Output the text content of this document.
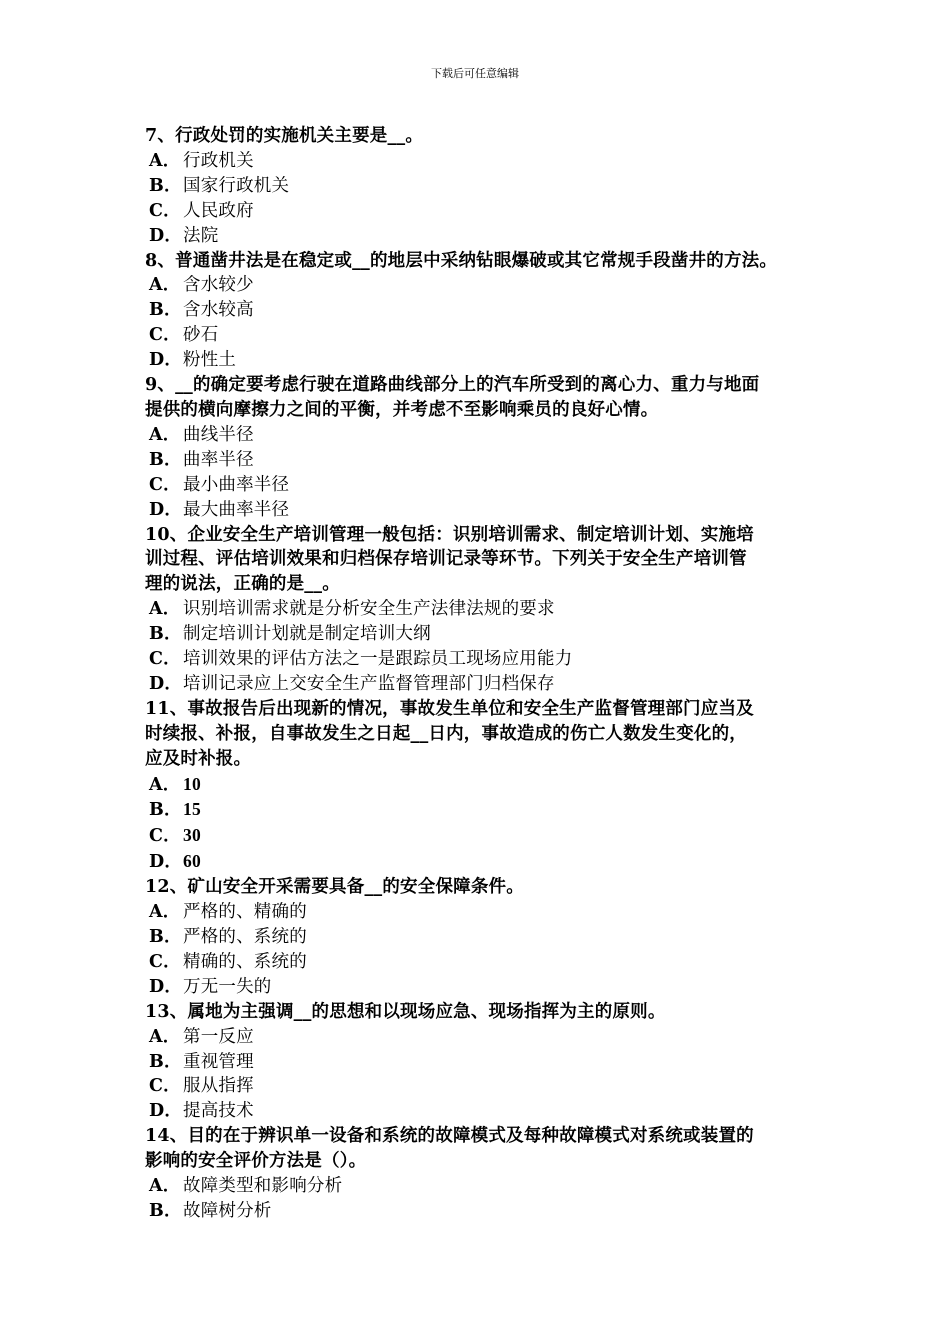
下载后可任意编辑
7、行政处罚的实施机关主要是__。
A． 行政机关
B．国家行政机关
C． 人民政府
D．法院
8、普通凿井法是在稳定或__的地层中采纳钻眼爆破或其它常规手段凿井的方法。
A． 含水较少
B．含水较高
C． 砂石
D．粉性土
9、__的确定要考虑行驶在道路曲线部分上的汽车所受到的离心力、重力与地面
提供的横向摩擦力之间的平衡，并考虑不至影响乘员的良好心情。
A． 曲线半径
B．曲率半径
C． 最小曲率半径
D．最大曲率半径
10、企业安全生产培训管理一般包括：识别培训需求、制定培训计划、实施培
训过程、评估培训效果和归档保存培训记录等环节。下列关于安全生产培训管
理的说法，正确的是__。
A． 识别培训需求就是分析安全生产法律法规的要求
B．制定培训计划就是制定培训大纲
C． 培训效果的评估方法之一是跟踪员工现场应用能力
D．培训记录应上交安全生产监督管理部门归档保存
11、事故报告后出现新的情况，事故发生单位和安全生产监督管理部门应当及
时续报、补报，自事故发生之日起__日内，事故造成的伤亡人数发生变化的，
应及时补报。
A． 10
B．15
C． 30
D．60
12、矿山安全开采需要具备__的安全保障条件。
A． 严格的、精确的
B．严格的、系统的
C． 精确的、系统的
D．万无一失的
13、属地为主强调__的思想和以现场应急、现场指挥为主的原则。
A． 第一反应
B．重视管理
C． 服从指挥
D．提高技术
14、目的在于辨识单一设备和系统的故障模式及每种故障模式对系统或装置的
影响的安全评价方法是（）。
A． 故障类型和影响分析
B．故障树分析
